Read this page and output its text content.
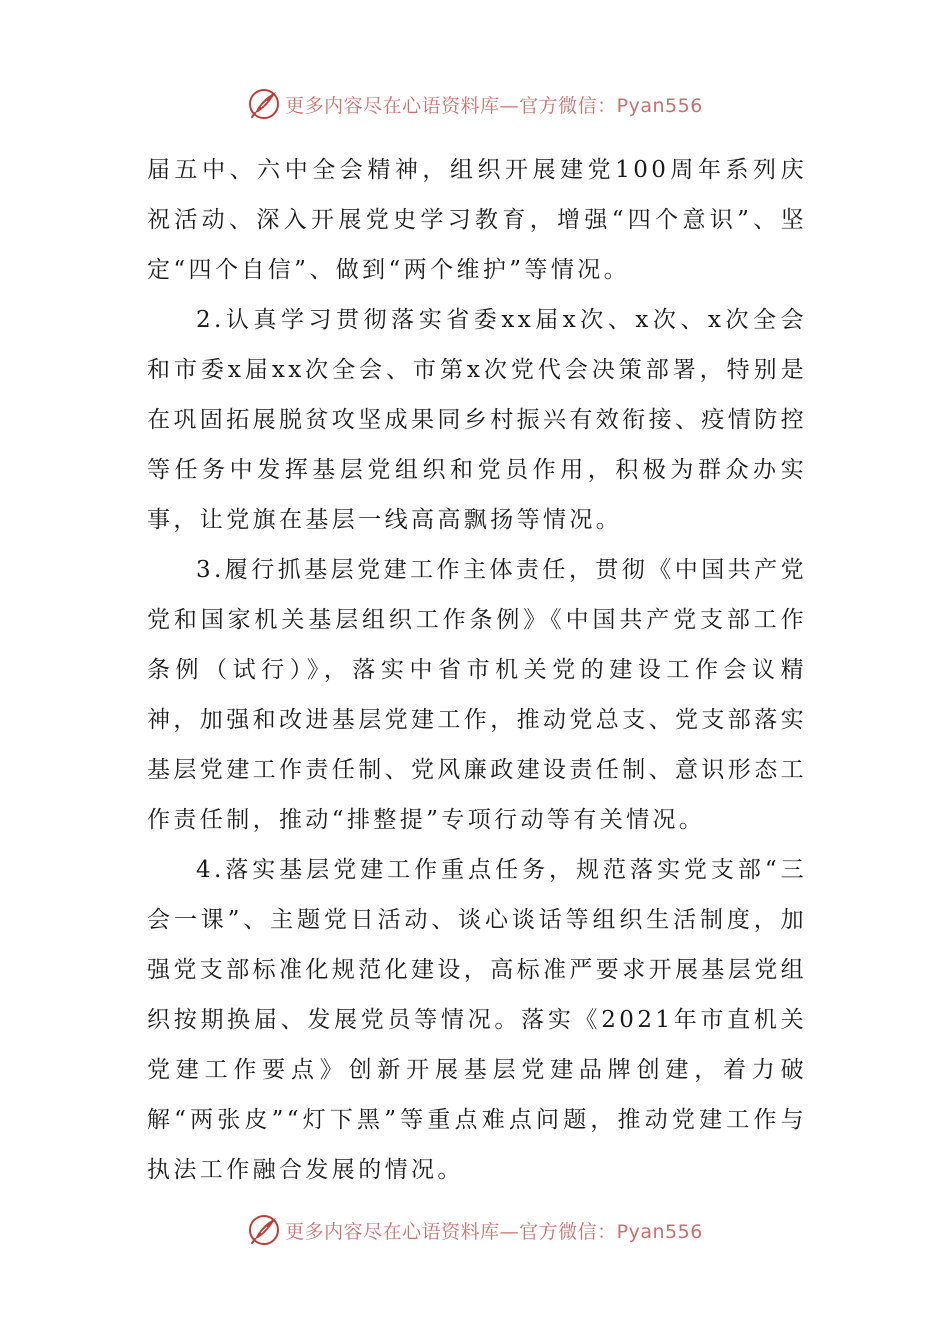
更多内容尽在心语资料库—官方微信：Pyan556

届五中、六中全会精神，组织开展建党100周年系列庆祝活动、深入开展党史学习教育，增强“四个意识”、坚定“四个自信”、做到“两个维护”等情况。

2.认真学习贯彻落实省委xx届x次、x次、x次全会和市委x届xx次全会、市第x次党代会决策部署，特别是在巩固拓展脱贫攻坚成果同乡村振兴有效衔接、疫情防控等任务中发挥基层党组织和党员作用，积极为群众办实事，让党旗在基层一线高高飘扬等情况。

3.履行抓基层党建工作主体责任，贯彻《中国共产党党和国家机关基层组织工作条例》《中国共产党支部工作条例（试行）》，落实中省市机关党的建设工作会议精神，加强和改进基层党建工作，推动党总支、党支部落实基层党建工作责任制、党风廉政建设责任制、意识形态工作责任制，推动“排整提”专项行动等有关情况。

4.落实基层党建工作重点任务，规范落实党支部“三会一课”、主题党日活动、谈心谈话等组织生活制度，加强党支部标准化规范化建设，高标准严要求开展基层党组织按期换届、发展党员等情况。落实《2021年市直机关党建工作要点》创新开展基层党建品牌创建，着力破解“两张皮”“灯下黑”等重点难点问题，推动党建工作与执法工作融合发展的情况。

更多内容尽在心语资料库—官方微信：Pyan556
